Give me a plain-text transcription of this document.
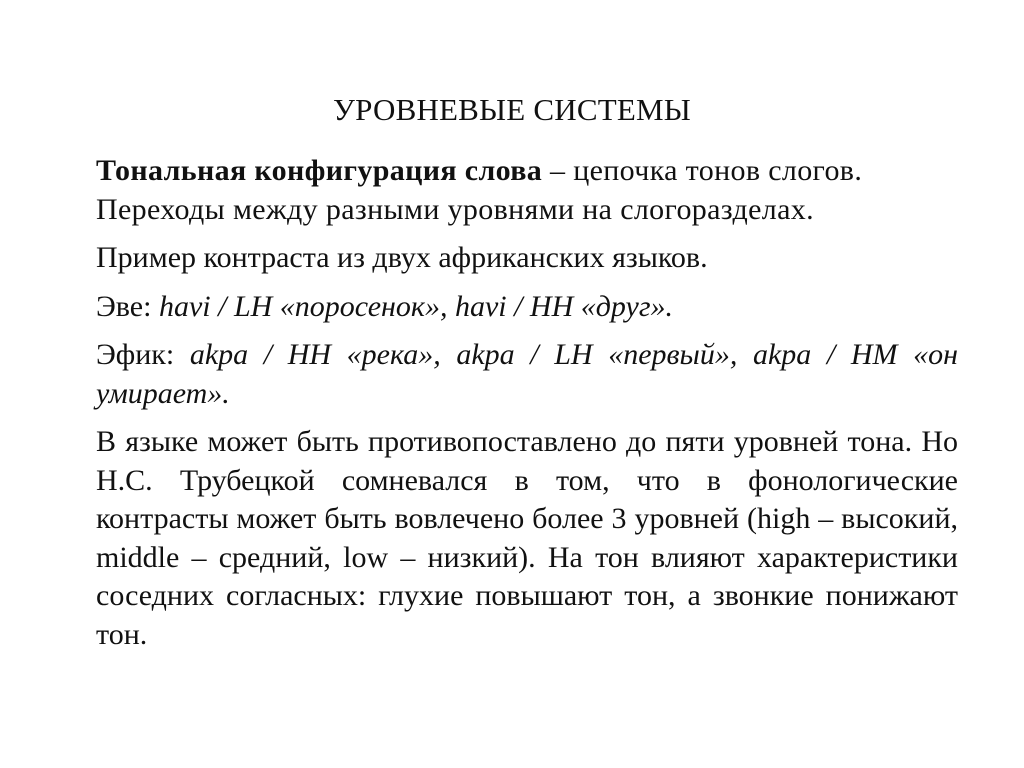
УРОВНЕВЫЕ СИСТЕМЫ

Тональная конфигурация слова – цепочка тонов слогов. Переходы между разными уровнями на слогоразделах.

Пример контраста из двух африканских языков.

Эве: havi / LH «поросенок», havi / HH «друг».

Эфик: akpa / HH «река», akpa / LH «первый», akpa / HM «он умирает».

В языке может быть противопоставлено до пяти уровней тона. Но Н.С. Трубецкой сомневался в том, что в фонологические контрасты может быть вовлечено более 3 уровней (high – высокий, middle – средний, low – низкий). На тон влияют характеристики соседних согласных: глухие повышают тон, а звонкие понижают тон.
